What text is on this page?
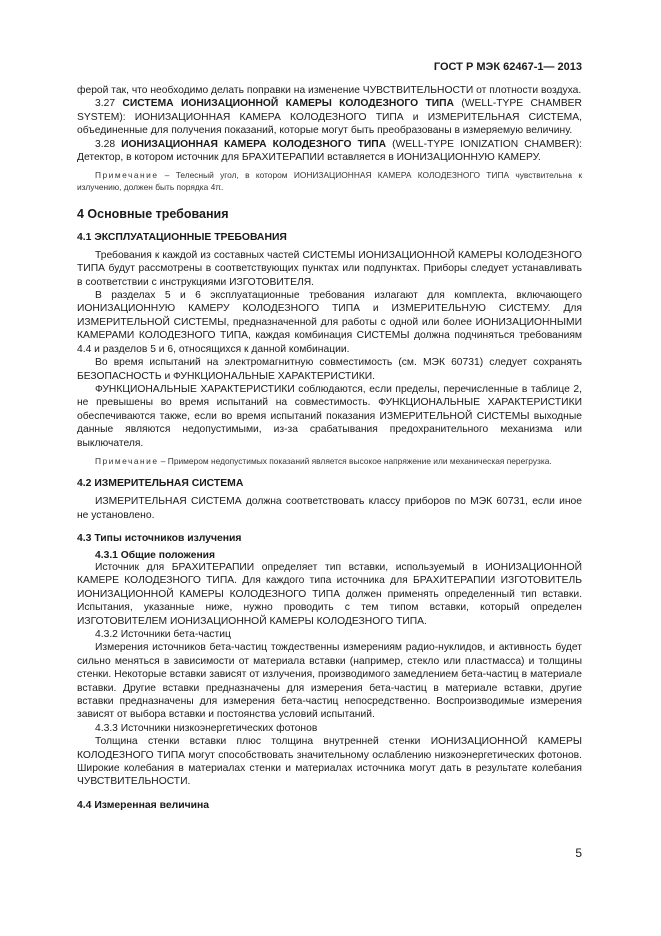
ГОСТ Р МЭК 62467-1— 2013

ферой так, что необходимо делать поправки на изменение ЧУВСТВИТЕЛЬНОСТИ от плотности воздуха.

3.27 СИСТЕМА ИОНИЗАЦИОННОЙ КАМЕРЫ КОЛОДЕЗНОГО ТИПА (WELL-TYPE CHAMBER SYSTEM): ИОНИЗАЦИОННАЯ КАМЕРА КОЛОДЕЗНОГО ТИПА и ИЗМЕРИТЕЛЬНАЯ СИСТЕМА, объединенные для получения показаний, которые могут быть преобразованы в измеряемую величину.

3.28 ИОНИЗАЦИОННАЯ КАМЕРА КОЛОДЕЗНОГО ТИПА (WELL-TYPE IONIZATION CHAMBER): Детектор, в котором источник для БРАХИТЕРАПИИ вставляется в ИОНИЗАЦИОННУЮ КАМЕРУ.

Примечание – Телесный угол, в котором ИОНИЗАЦИОННАЯ КАМЕРА КОЛОДЕЗНОГО ТИПА чувствительна к излучению, должен быть порядка 4π.

4 Основные требования
4.1 ЭКСПЛУАТАЦИОННЫЕ ТРЕБОВАНИЯ

Требования к каждой из составных частей СИСТЕМЫ ИОНИЗАЦИОННОЙ КАМЕРЫ КОЛОДЕЗНОГО ТИПА будут рассмотрены в соответствующих пунктах или подпунктах. Приборы следует устанавливать в соответствии с инструкциями ИЗГОТОВИТЕЛЯ.

В разделах 5 и 6 эксплуатационные требования излагают для комплекта, включающего ИОНИЗАЦИОННУЮ КАМЕРУ КОЛОДЕЗНОГО ТИПА и ИЗМЕРИТЕЛЬНУЮ СИСТЕМУ. Для ИЗМЕРИТЕЛЬНОЙ СИСТЕМЫ, предназначенной для работы с одной или более ИОНИЗАЦИОННЫМИ КАМЕРАМИ КОЛОДЕЗНОГО ТИПА, каждая комбинация СИСТЕМЫ должна подчиняться требованиям 4.4 и разделов 5 и 6, относящихся к данной комбинации.

Во время испытаний на электромагнитную совместимость (см. МЭК 60731) следует сохранять БЕЗОПАСНОСТЬ и ФУНКЦИОНАЛЬНЫЕ ХАРАКТЕРИСТИКИ.

ФУНКЦИОНАЛЬНЫЕ ХАРАКТЕРИСТИКИ соблюдаются, если пределы, перечисленные в таблице 2, не превышены во время испытаний на совместимость. ФУНКЦИОНАЛЬНЫЕ ХАРАКТЕРИСТИКИ обеспечиваются также, если во время испытаний показания ИЗМЕРИТЕЛЬНОЙ СИСТЕМЫ выходные данные являются недопустимыми, из-за срабатывания предохранительного механизма или выключателя.

Примечание – Примером недопустимых показаний является высокое напряжение или механическая перегрузка.

4.2 ИЗМЕРИТЕЛЬНАЯ СИСТЕМА

ИЗМЕРИТЕЛЬНАЯ СИСТЕМА должна соответствовать классу приборов по МЭК 60731, если иное не установлено.

4.3 Типы источников излучения
4.3.1 Общие положения

Источник для БРАХИТЕРАПИИ определяет тип вставки, используемый в ИОНИЗАЦИОННОЙ КАМЕРЕ КОЛОДЕЗНОГО ТИПА. Для каждого типа источника для БРАХИТЕРАПИИ ИЗГОТОВИТЕЛЬ ИОНИЗАЦИОННОЙ КАМЕРЫ КОЛОДЕЗНОГО ТИПА должен применять определенный тип вставки. Испытания, указанные ниже, нужно проводить с тем типом вставки, который определен ИЗГОТОВИТЕЛЕМ ИОНИЗАЦИОННОЙ КАМЕРЫ КОЛОДЕЗНОГО ТИПА.

4.3.2 Источники бета-частиц

Измерения источников бета-частиц тождественны измерениям радио-нуклидов, и активность будет сильно меняться в зависимости от материала вставки (например, стекло или пластмасса) и толщины стенки. Некоторые вставки зависят от излучения, производимого замедлением бета-частиц в материале вставки. Другие вставки предназначены для измерения бета-частиц в материале вставки, другие вставки предназначены для измерения бета-частиц непосредственно. Воспроизводимые измерения зависят от выбора вставки и постоянства условий испытаний.

4.3.3 Источники низкоэнергетических фотонов

Толщина стенки вставки плюс толщина внутренней стенки ИОНИЗАЦИОННОЙ КАМЕРЫ КОЛОДЕЗНОГО ТИПА могут способствовать значительному ослаблению низкоэнергетических фотонов. Широкие колебания в материалах стенки и материалах источника могут дать в результате колебания ЧУВСТВИТЕЛЬНОСТИ.

4.4 Измеренная величина
5
